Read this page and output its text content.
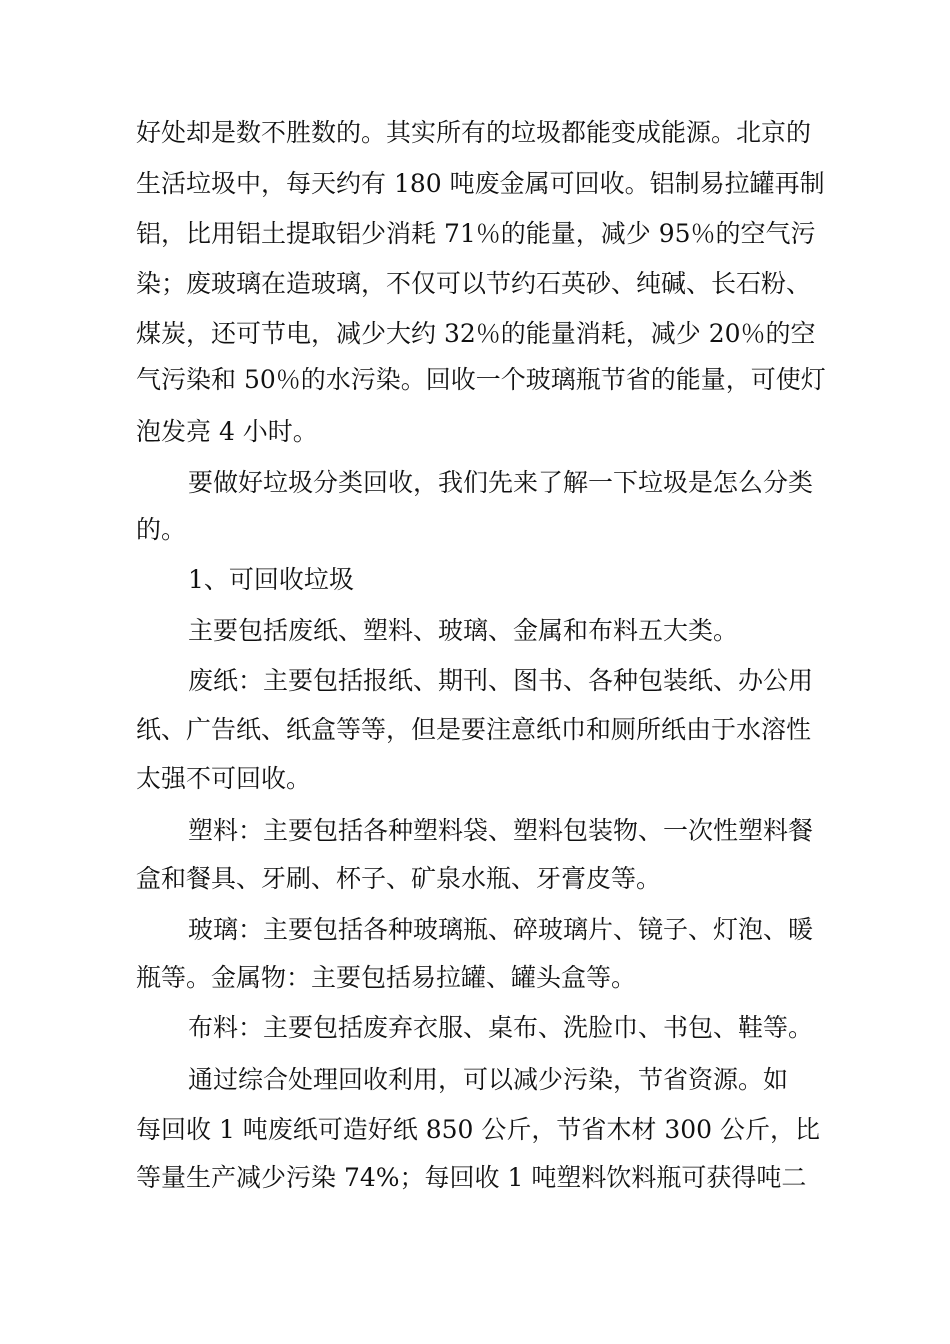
好处却是数不胜数的。其实所有的垃圾都能变成能源。北京的
生活垃圾中，每天约有 180 吨废金属可回收。铝制易拉罐再制
铝，比用铝土提取铝少消耗 71％的能量，减少 95％的空气污
染；废玻璃在造玻璃，不仅可以节约石英砂、纯碱、长石粉、
煤炭，还可节电，减少大约 32％的能量消耗，减少 20％的空
气污染和 50％的水污染。回收一个玻璃瓶节省的能量，可使灯
泡发亮 4 小时。
要做好垃圾分类回收，我们先来了解一下垃圾是怎么分类
的。
1、可回收垃圾
主要包括废纸、塑料、玻璃、金属和布料五大类。
废纸：主要包括报纸、期刊、图书、各种包装纸、办公用
纸、广告纸、纸盒等等，但是要注意纸巾和厕所纸由于水溶性
太强不可回收。
塑料：主要包括各种塑料袋、塑料包装物、一次性塑料餐
盒和餐具、牙刷、杯子、矿泉水瓶、牙膏皮等。
玻璃：主要包括各种玻璃瓶、碎玻璃片、镜子、灯泡、暖
瓶等。金属物：主要包括易拉罐、罐头盒等。
布料：主要包括废弃衣服、桌布、洗脸巾、书包、鞋等。
通过综合处理回收利用，可以减少污染，节省资源。如
每回收 1 吨废纸可造好纸 850 公斤，节省木材 300 公斤，比
等量生产减少污染 74%；每回收 1 吨塑料饮料瓶可获得吨二
